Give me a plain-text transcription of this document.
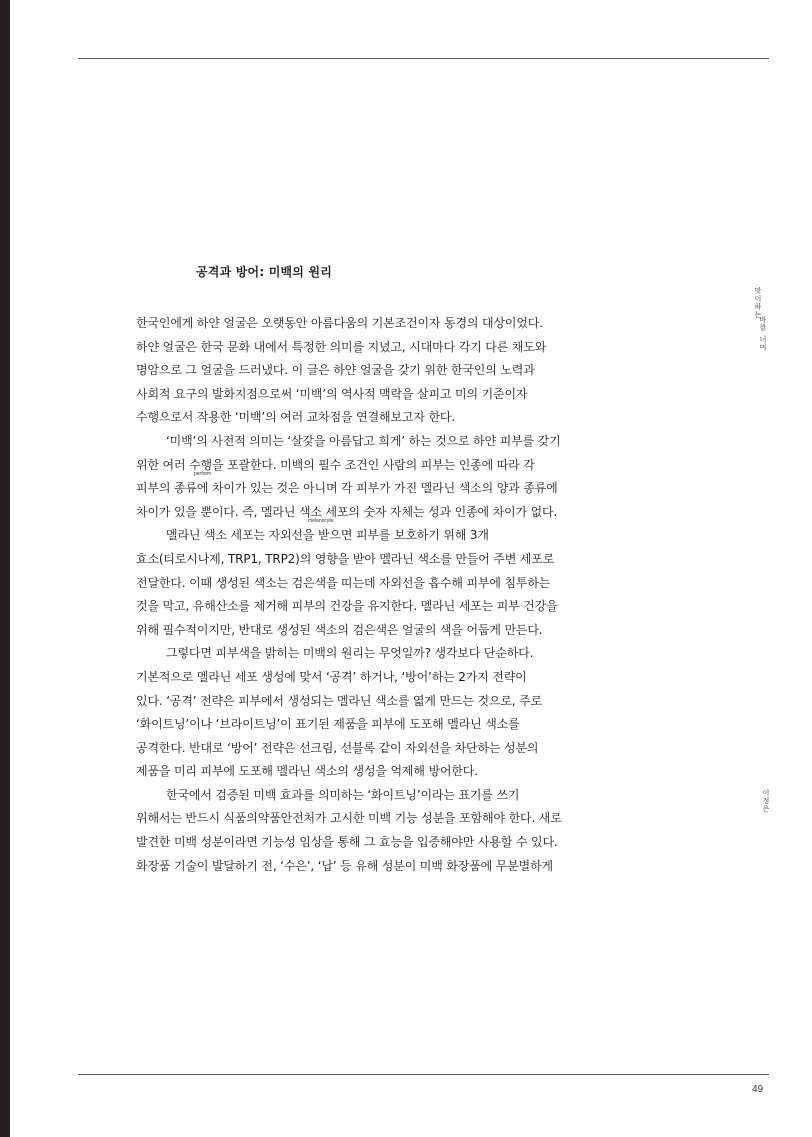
공격과 방어: 미백의 원리
맞이하는
바깥 너머
이정은
한국인에게 하얀 얼굴은 오랫동안 아름다움의 기본조건이자 동경의 대상이었다.
하얀 얼굴은 한국 문화 내에서 특정한 의미를 지녔고, 시대마다 각기 다른 채도와
명암으로 그 얼굴을 드러냈다. 이 글은 하얀 얼굴을 갖기 위한 한국인의 노력과
사회적 요구의 발화지점으로써 ‘미백’의 역사적 맥락을 살피고 미의 기준이자
수행으로서 작용한 ‘미백’의 여러 교차점을 연결해보고자 한다.
‘미백’의 사전적 의미는 ‘살갗을 아름답고 희게’ 하는 것으로 하얀 피부를 갖기
위한 여러 수행을 포괄한다. 미백의 필수 조건인 사람의 피부는 인종에 따라 각
perform
피부의 종류에 차이가 있는 것은 아니며 각 피부가 가진 멜라닌 색소의 양과 종류에
차이가 있을 뿐이다. 즉, 멜라닌 색소 세포의 숫자 자체는 성과 인종에 차이가 없다.
melanocyte
멜라닌 색소 세포는 자외선을 받으면 피부를 보호하기 위해 3개
효소(티로시나제, TRP1, TRP2)의 영향을 받아 멜라닌 색소를 만들어 주변 세포로
전달한다. 이때 생성된 색소는 검은색을 띠는데 자외선을 흡수해 피부에 침투하는
것을 막고, 유해산소를 제거해 피부의 건강을 유지한다. 멜라닌 세포는 피부 건강을
위해 필수적이지만, 반대로 생성된 색소의 검은색은 얼굴의 색을 어둡게 만든다.
그렇다면 피부색을 밝히는 미백의 원리는 무엇일까? 생각보다 단순하다.
기본적으로 멜라닌 세포 생성에 맞서 ‘공격’ 하거나, ‘방어’하는 2가지 전략이
있다. ‘공격’ 전략은 피부에서 생성되는 멜라닌 색소를 엷게 만드는 것으로, 주로
‘화이트닝’이나 ‘브라이트닝’이 표기된 제품을 피부에 도포해 멜라닌 색소를
공격한다. 반대로 ‘방어’ 전략은 선크림, 선블록 같이 자외선을 차단하는 성분의
제품을 미리 피부에 도포해 멜라닌 색소의 생성을 억제해 방어한다.
한국에서 검증된 미백 효과를 의미하는 ‘화이트닝’이라는 표기를 쓰기
위해서는 반드시 식품의약품안전처가 고시한 미백 기능 성분을 포함해야 한다. 새로
발견한 미백 성분이라면 기능성 임상을 통해 그 효능을 입증해야만 사용할 수 있다.
화장품 기술이 발달하기 전, ‘수은’, ‘납’ 등 유해 성분이 미백 화장품에 무분별하게
49
